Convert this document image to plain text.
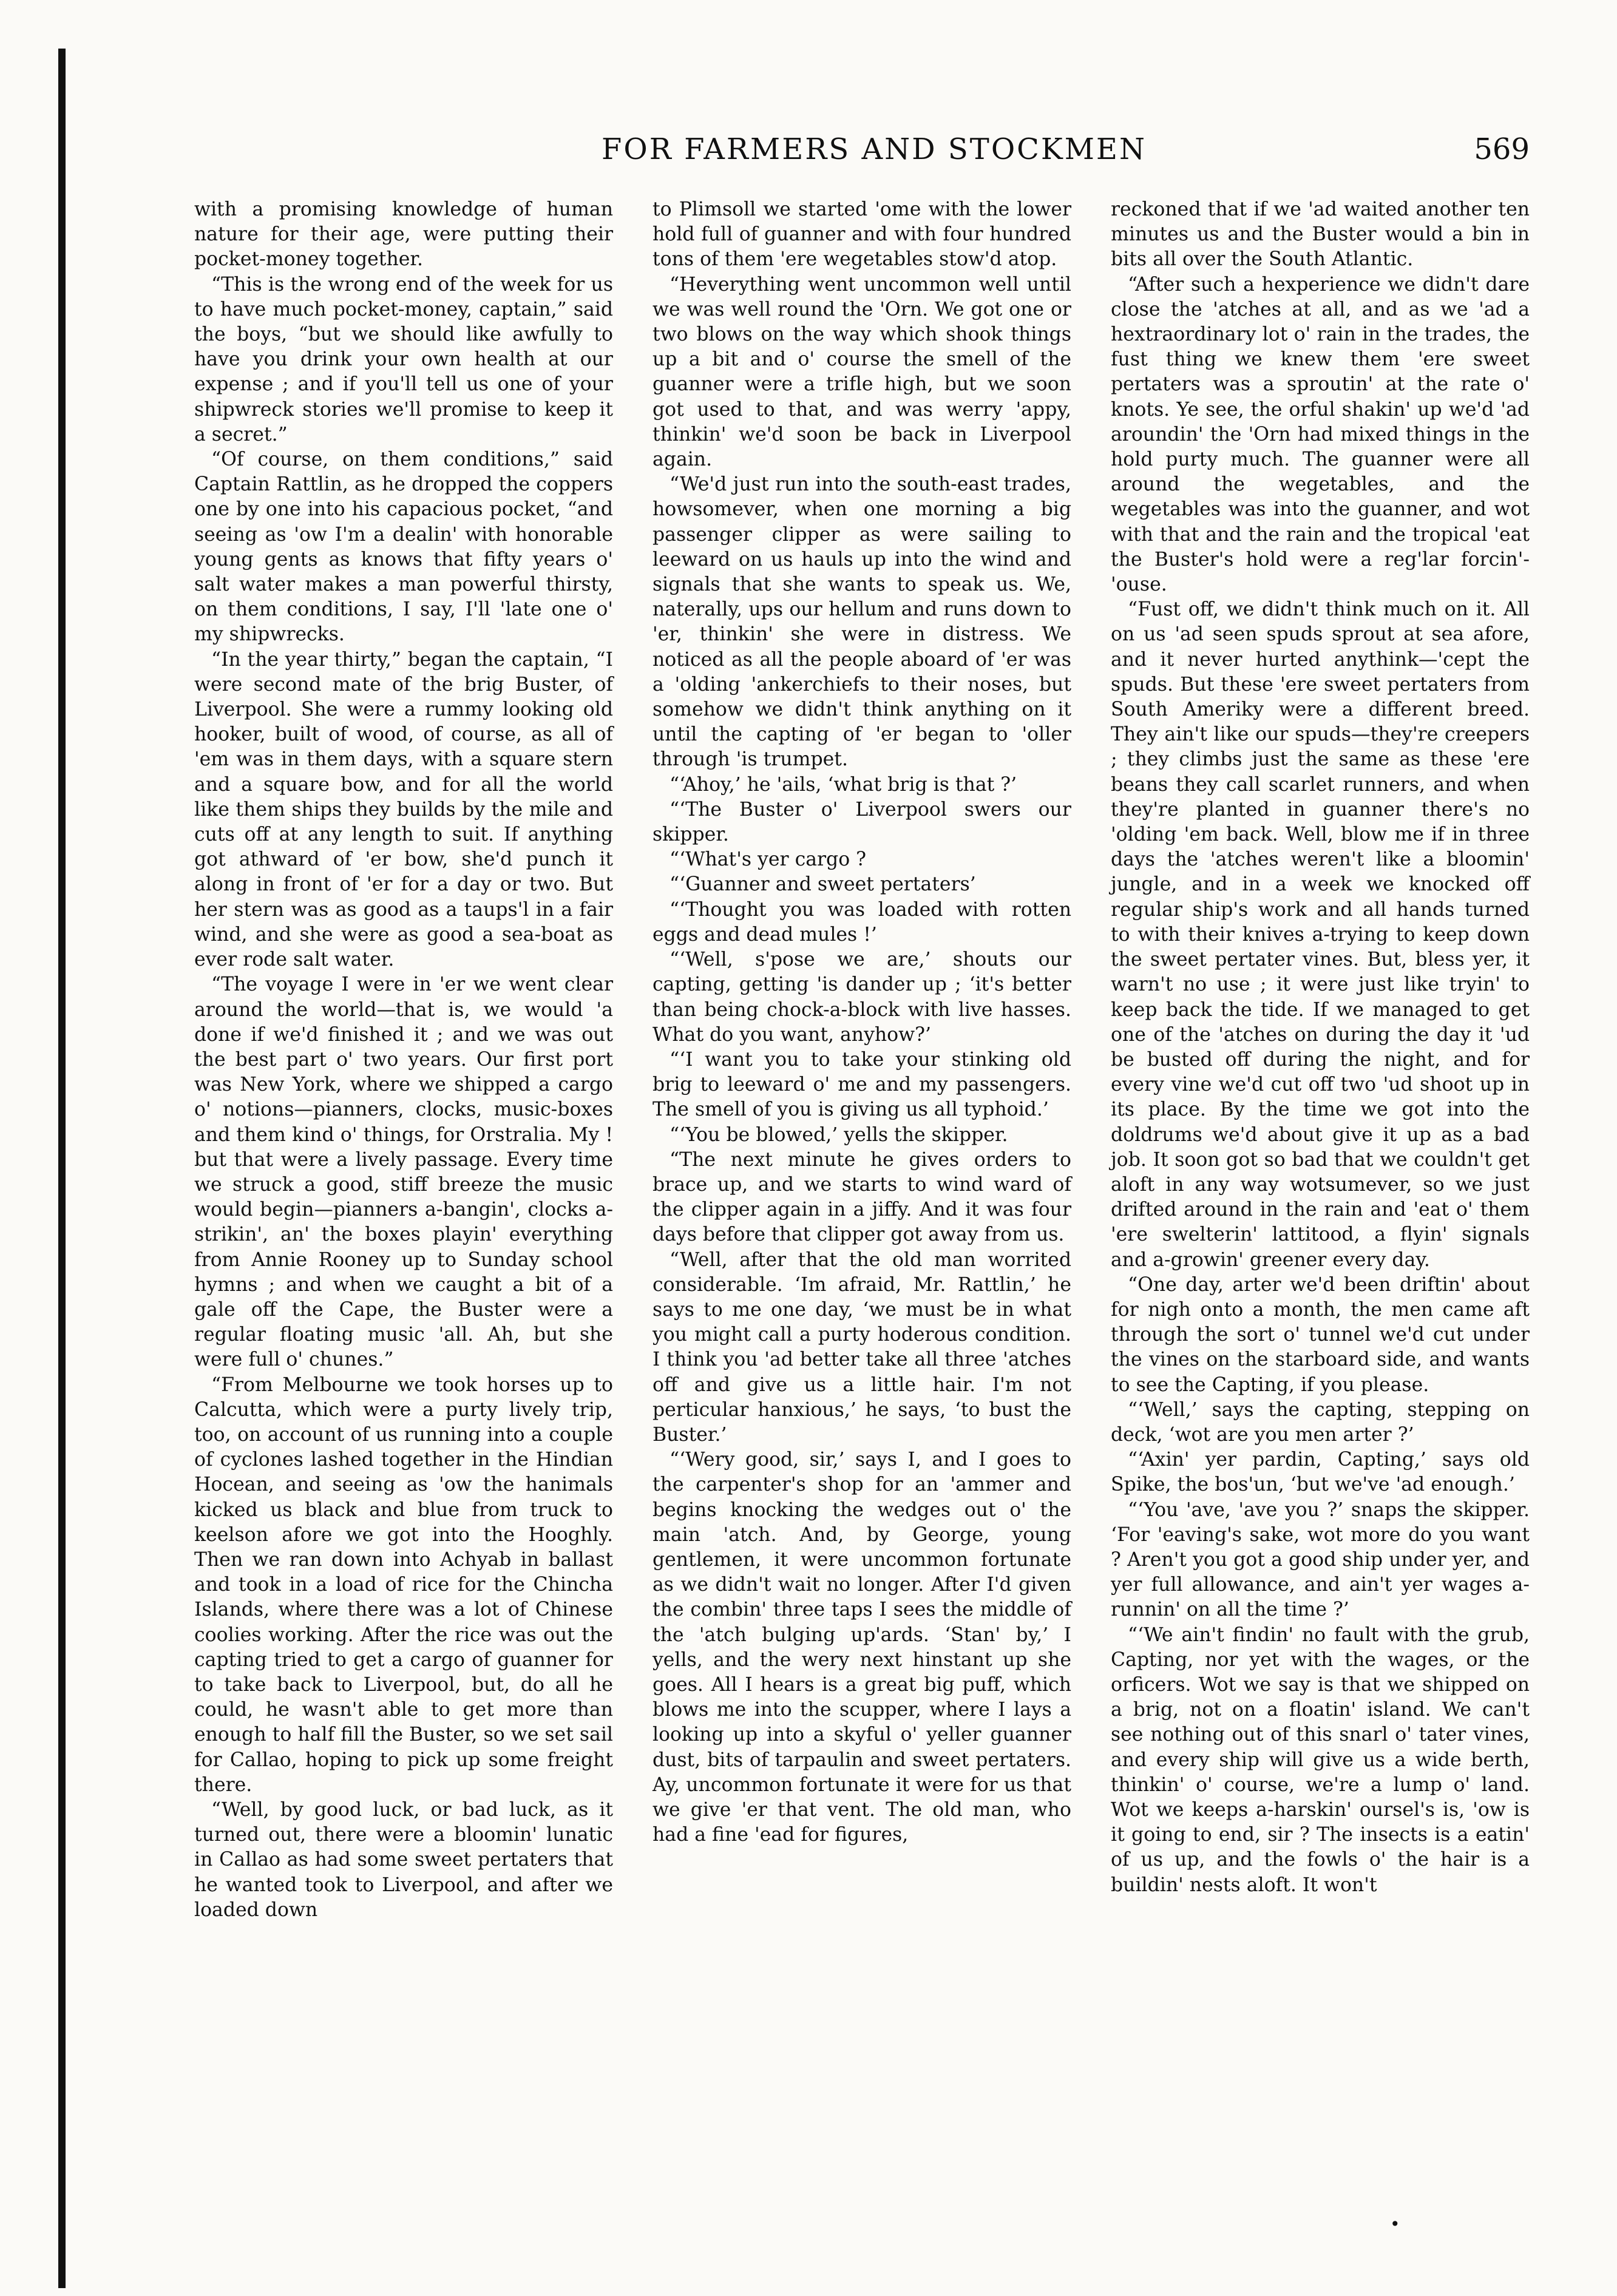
FOR FARMERS AND STOCKMEN	569

with a promising knowledge of human nature for their age, were putting their pocket-money together.

“This is the wrong end of the week for us to have much pocket-money, captain,” said the boys, “but we should like awfully to have you drink your own health at our expense ; and if you'll tell us one of your shipwreck stories we'll promise to keep it a secret.”

“Of course, on them conditions,” said Captain Rattlin, as he dropped the coppers one by one into his capacious pocket, “and seeing as 'ow I'm a dealin' with honorable young gents as knows that fifty years o' salt water makes a man powerful thirsty, on them conditions, I say, I'll 'late one o' my shipwrecks.

“In the year thirty,” began the captain, “I were second mate of the brig Buster, of Liverpool. She were a rummy looking old hooker, built of wood, of course, as all of 'em was in them days, with a square stern and a square bow, and for all the world like them ships they builds by the mile and cuts off at any length to suit. If anything got athward of 'er bow, she'd punch it along in front of 'er for a day or two. But her stern was as good as a taups'l in a fair wind, and she were as good a sea-boat as ever rode salt water.

“The voyage I were in 'er we went clear around the world—that is, we would 'a done if we'd finished it ; and we was out the best part o' two years. Our first port was New York, where we shipped a cargo o' notions—pianners, clocks, music-boxes and them kind o' things, for Orstralia. My ! but that were a lively passage. Every time we struck a good, stiff breeze the music would begin—pianners a-bangin', clocks a-strikin', an' the boxes playin' everything from Annie Rooney up to Sunday school hymns ; and when we caught a bit of a gale off the Cape, the Buster were a regular floating music 'all. Ah, but she were full o' chunes.”

“From Melbourne we took horses up to Calcutta, which were a purty lively trip, too, on account of us running into a couple of cyclones lashed together in the Hindian Hocean, and seeing as 'ow the hanimals kicked us black and blue from truck to keelson afore we got into the Hooghly. Then we ran down into Achyab in ballast and took in a load of rice for the Chincha Islands, where there was a lot of Chinese coolies working. After the rice was out the capting tried to get a cargo of guanner for to take back to Liverpool, but, do all he could, he wasn't able to get more than enough to half fill the Buster, so we set sail for Callao, hoping to pick up some freight there.

“Well, by good luck, or bad luck, as it turned out, there were a bloomin' lunatic in Callao as had some sweet pertaters that he wanted took to Liverpool, and after we loaded down

to Plimsoll we started 'ome with the lower hold full of guanner and with four hundred tons of them 'ere wegetables stow'd atop.

“Heverything went uncommon well until we was well round the 'Orn. We got one or two blows on the way which shook things up a bit and o' course the smell of the guanner were a trifle high, but we soon got used to that, and was werry 'appy, thinkin' we'd soon be back in Liverpool again.

“We'd just run into the south-east trades, howsomever, when one morning a big passenger clipper as were sailing to leeward on us hauls up into the wind and signals that she wants to speak us. We, naterally, ups our hellum and runs down to 'er, thinkin' she were in distress. We noticed as all the people aboard of 'er was a 'olding 'ankerchiefs to their noses, but somehow we didn't think anything on it until the capting of 'er began to 'oller through 'is trumpet.

“‘Ahoy,’ he 'ails, ‘what brig is that ?’

“‘The Buster o' Liverpool swers our skipper.

“‘What's yer cargo ?

“‘Guanner and sweet pertaters’

“‘Thought you was loaded with rotten eggs and dead mules !’

“‘Well, s'pose we are,’ shouts our capting, getting 'is dander up ; ‘it's better than being chock-a-block with live hasses. What do you want, anyhow?’

“‘I want you to take your stinking old brig to leeward o' me and my passengers. The smell of you is giving us all typhoid.’

“‘You be blowed,’ yells the skipper.

“The next minute he gives orders to brace up, and we starts to wind ward of the clipper again in a jiffy. And it was four days before that clipper got away from us.

“Well, after that the old man worrited considerable. ‘Im afraid, Mr. Rattlin,’ he says to me one day, ‘we must be in what you might call a purty hoderous condition. I think you 'ad better take all three 'atches off and give us a little hair. I'm not perticular hanxious,’ he says, ‘to bust the Buster.’

“‘Wery good, sir,’ says I, and I goes to the carpenter's shop for an 'ammer and begins knocking the wedges out o' the main 'atch. And, by George, young gentlemen, it were uncommon fortunate as we didn't wait no longer. After I'd given the combin' three taps I sees the middle of the 'atch bulging up'ards. ‘Stan' by,’ I yells, and the wery next hinstant up she goes. All I hears is a great big puff, which blows me into the scupper, where I lays a looking up into a skyful o' yeller guanner dust, bits of tarpaulin and sweet pertaters. Ay, uncommon fortunate it were for us that we give 'er that vent. The old man, who had a fine 'ead for figures,

reckoned that if we 'ad waited another ten minutes us and the Buster would a bin in bits all over the South Atlantic.

“After such a hexperience we didn't dare close the 'atches at all, and as we 'ad a hextraordinary lot o' rain in the trades, the fust thing we knew them 'ere sweet pertaters was a sproutin' at the rate o' knots. Ye see, the orful shakin' up we'd 'ad aroundin' the 'Orn had mixed things in the hold purty much. The guanner were all around the wegetables, and the wegetables was into the guanner, and wot with that and the rain and the tropical 'eat the Buster's hold were a reg'lar forcin'-'ouse.

“Fust off, we didn't think much on it. All on us 'ad seen spuds sprout at sea afore, and it never hurted anythink—'cept the spuds. But these 'ere sweet pertaters from South Ameriky were a different breed. They ain't like our spuds—they're creepers ; they climbs just the same as these 'ere beans they call scarlet runners, and when they're planted in guanner there's no 'olding 'em back. Well, blow me if in three days the 'atches weren't like a bloomin' jungle, and in a week we knocked off regular ship's work and all hands turned to with their knives a-trying to keep down the sweet pertater vines. But, bless yer, it warn't no use ; it were just like tryin' to keep back the tide. If we managed to get one of the 'atches on during the day it 'ud be busted off during the night, and for every vine we'd cut off two 'ud shoot up in its place. By the time we got into the doldrums we'd about give it up as a bad job. It soon got so bad that we couldn't get aloft in any way wotsumever, so we just drifted around in the rain and 'eat o' them 'ere swelterin' lattitood, a flyin' signals and a-growin' greener every day.

“One day, arter we'd been driftin' about for nigh onto a month, the men came aft through the sort o' tunnel we'd cut under the vines on the starboard side, and wants to see the Capting, if you please.

“‘Well,’ says the capting, stepping on deck, ‘wot are you men arter ?’

“‘Axin' yer pardin, Capting,’ says old Spike, the bos'un, ‘but we've 'ad enough.’

“‘You 'ave, 'ave you ?’ snaps the skipper. ‘For 'eaving's sake, wot more do you want ? Aren't you got a good ship under yer, and yer full allowance, and ain't yer wages a-runnin' on all the time ?’

“‘We ain't findin' no fault with the grub, Capting, nor yet with the wages, or the orficers. Wot we say is that we shipped on a brig, not on a floatin' island. We can't see nothing out of this snarl o' tater vines, and every ship will give us a wide berth, thinkin' o' course, we're a lump o' land. Wot we keeps a-harskin' oursel's is, 'ow is it going to end, sir ? The insects is a eatin' of us up, and the fowls o' the hair is a buildin' nests aloft. It won't

•
